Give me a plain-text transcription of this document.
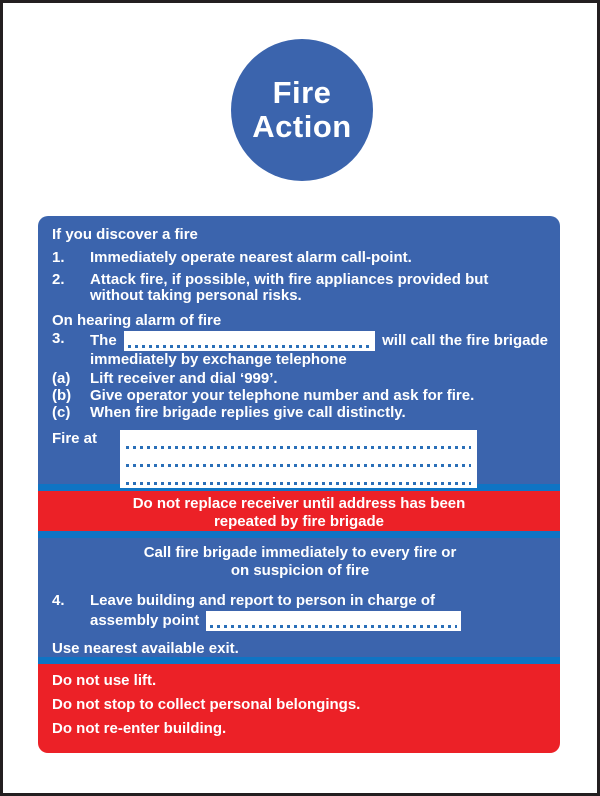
Fire
Action

If you discover a fire

1.	Immediately operate nearest alarm call-point.
2.	Attack fire, if possible, with fire appliances provided but
without taking personal risks.

On hearing alarm of fire

3.	The	will call the fire brigade
immediately by exchange telephone
(a)	Lift receiver and dial ‘999’.
(b)	Give operator your telephone number and ask for fire.
(c)	When fire brigade replies give call distinctly.

Fire at

Do not replace receiver until address has been

repeated by fire brigade

Call fire brigade immediately to every fire or

on suspicion of fire

4.	Leave building and report to person in charge of
assembly point

Use nearest available exit.

Do not use lift.

Do not stop to collect personal belongings.

Do not re-enter building.
